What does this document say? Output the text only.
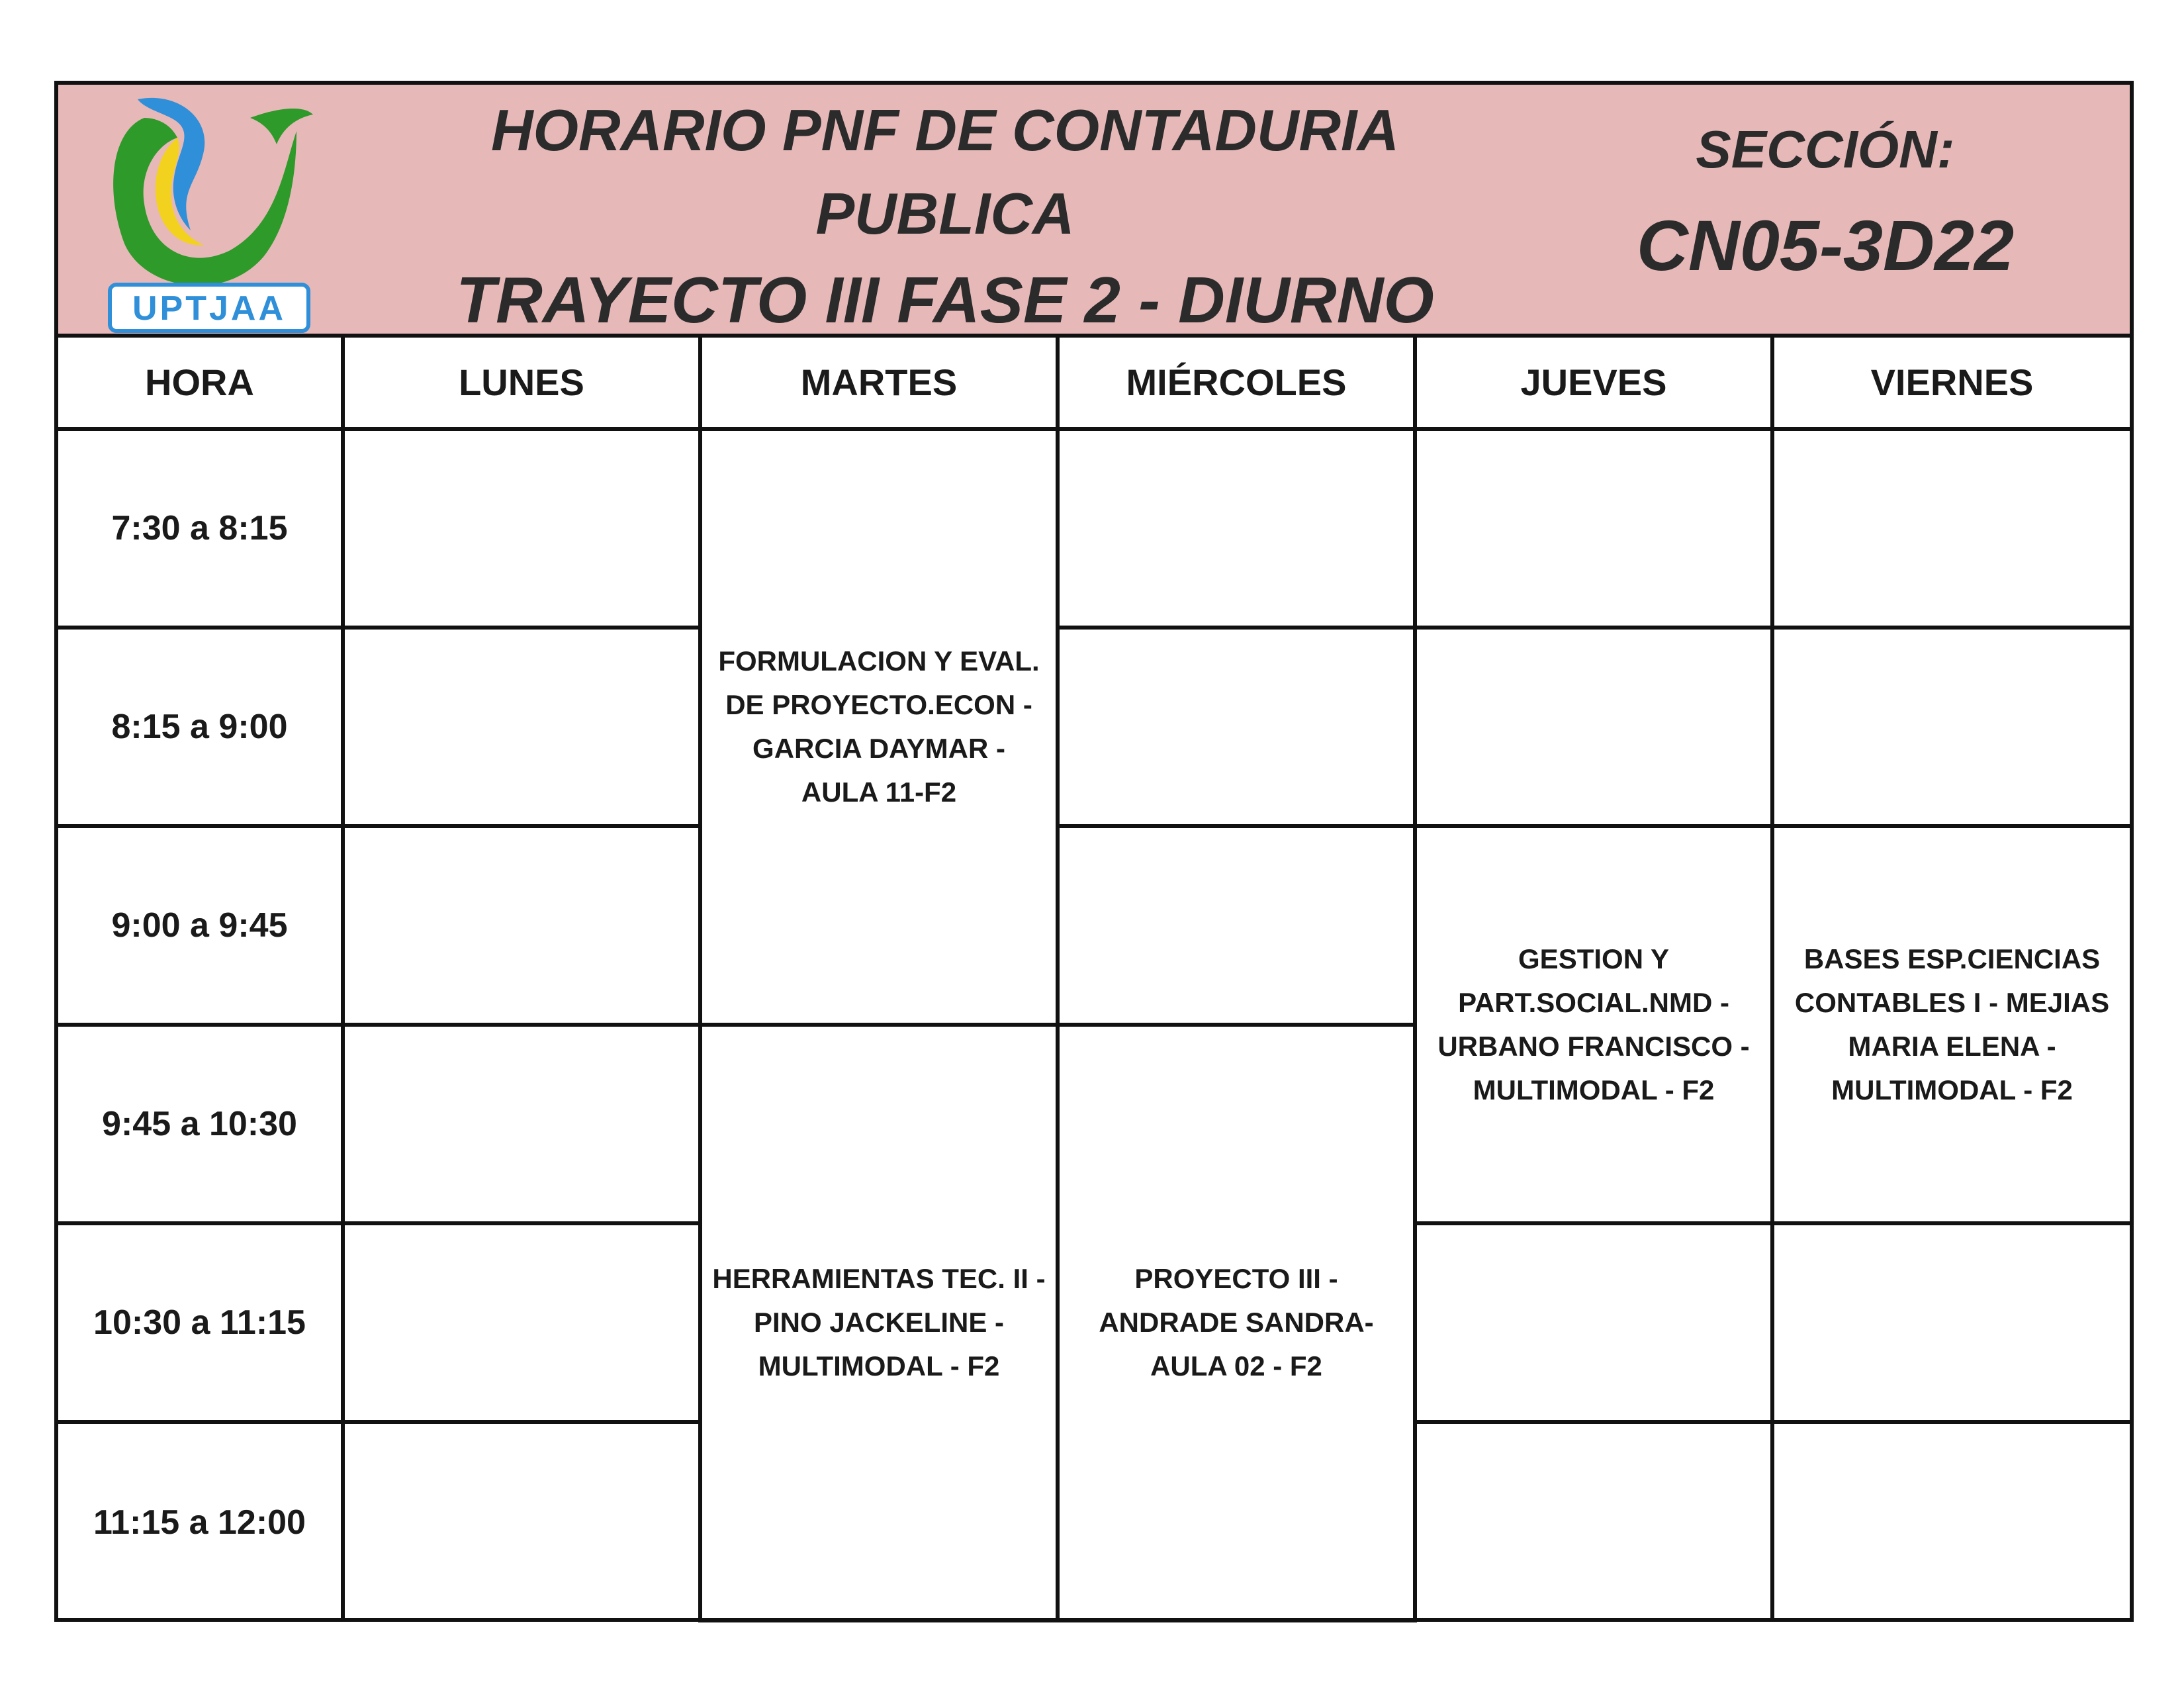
UPTJAA
HORARIO PNF DE CONTADURIA
PUBLICA
TRAYECTO III FASE 2 - DIURNO
SECCIÓN:
CN05-3D22
HORA	LUNES	MARTES	MIÉRCOLES	JUEVES	VIERNES
7:30 a 8:15		FORMULACION Y EVAL. DE PROYECTO.ECON - GARCIA DAYMAR - AULA 11-F2			
8:15 a 9:00					
9:00 a 9:45				GESTION Y PART.SOCIAL.NMD - URBANO FRANCISCO - MULTIMODAL - F2	BASES ESP.CIENCIAS CONTABLES I - MEJIAS MARIA ELENA - MULTIMODAL - F2
9:45 a 10:30		HERRAMIENTAS TEC. II - PINO JACKELINE - MULTIMODAL - F2	PROYECTO III -ANDRADE SANDRA- AULA 02 - F2		
10:30 a 11:15					
11:15 a 12:00					
